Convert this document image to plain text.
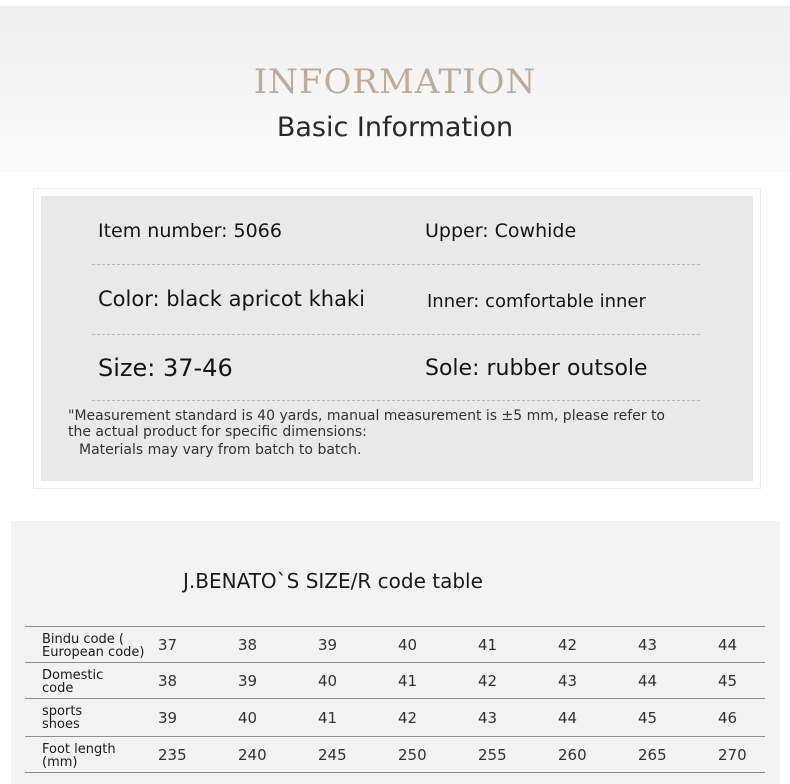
INFORMATION
Basic Information
Item number: 5066	Upper: Cowhide
Color: black apricot khaki	Inner: comfortable inner
Size: 37-46	Sole: rubber outsole
"Measurement standard is 40 yards, manual measurement is ±5 mm, please refer to
the actual product for specific dimensions:
Materials may vary from batch to batch.
J.BENATO`S SIZE/R code table
Bindu code (
European code) 37	38	39	40	41	42	43	44
Domestic
code	38	39	40	41	42	43	44	45
sports
shoes	39	40	41	42	43	44	45	46
Foot length
(mm)	235	240	245	250	255	260	265	270
